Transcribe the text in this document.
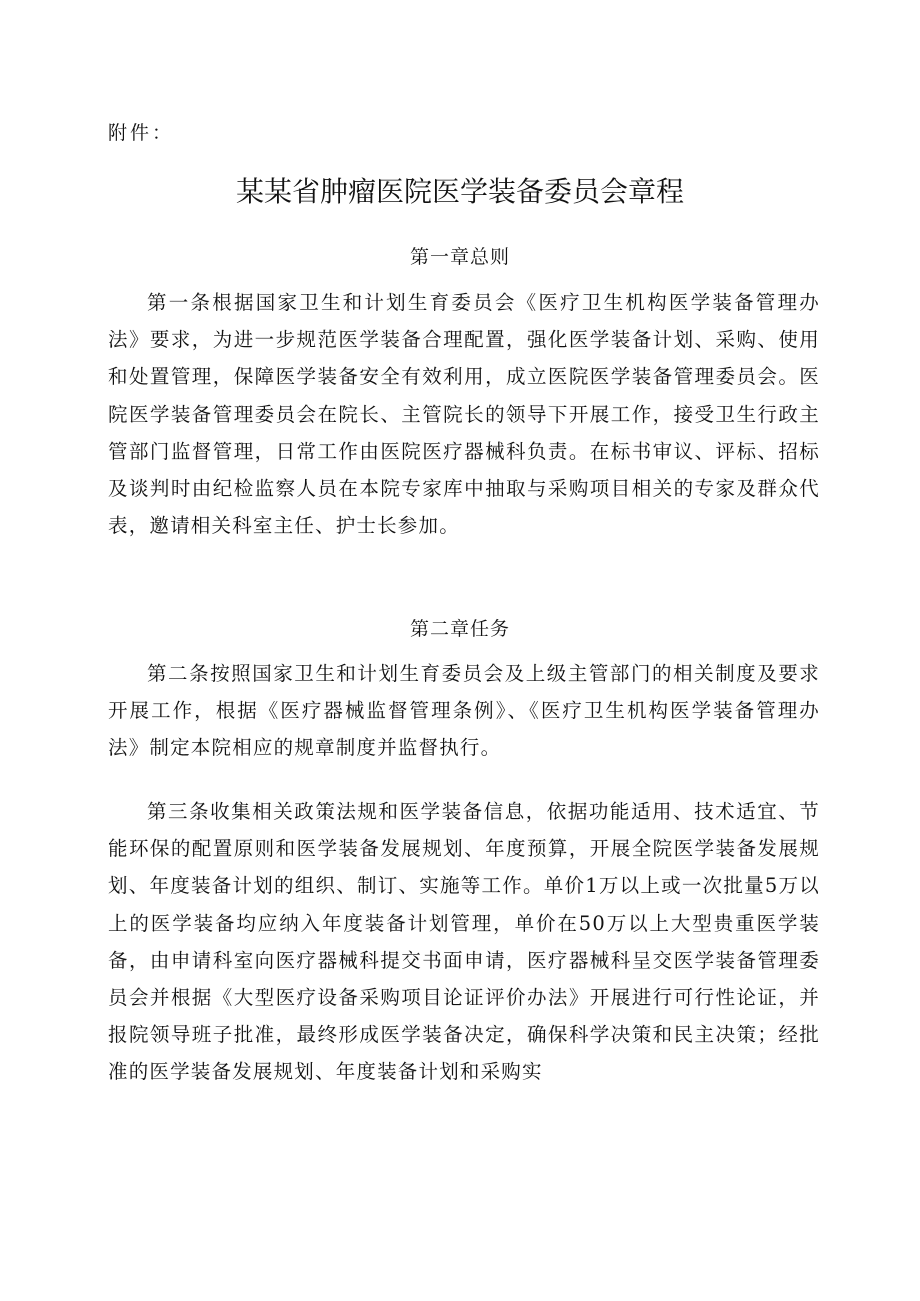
附件：
某某省肿瘤医院医学装备委员会章程
第一章总则

第一条根据国家卫生和计划生育委员会《医疗卫生机构医学装备管理办法》要求，为进一步规范医学装备合理配置，强化医学装备计划、采购、使用和处置管理，保障医学装备安全有效利用，成立医院医学装备管理委员会。医院医学装备管理委员会在院长、主管院长的领导下开展工作，接受卫生行政主管部门监督管理，日常工作由医院医疗器械科负责。在标书审议、评标、招标及谈判时由纪检监察人员在本院专家库中抽取与采购项目相关的专家及群众代表，邀请相关科室主任、护士长参加。

第二章任务

第二条按照国家卫生和计划生育委员会及上级主管部门的相关制度及要求开展工作，根据《医疗器械监督管理条例》、《医疗卫生机构医学装备管理办法》制定本院相应的规章制度并监督执行。

第三条收集相关政策法规和医学装备信息，依据功能适用、技术适宜、节能环保的配置原则和医学装备发展规划、年度预算，开展全院医学装备发展规划、年度装备计划的组织、制订、实施等工作。单价1万以上或一次批量5万以上的医学装备均应纳入年度装备计划管理，单价在50万以上大型贵重医学装备，由申请科室向医疗器械科提交书面申请，医疗器械科呈交医学装备管理委员会并根据《大型医疗设备采购项目论证评价办法》开展进行可行性论证，并报院领导班子批准，最终形成医学装备决定，确保科学决策和民主决策；经批准的医学装备发展规划、年度装备计划和采购实
